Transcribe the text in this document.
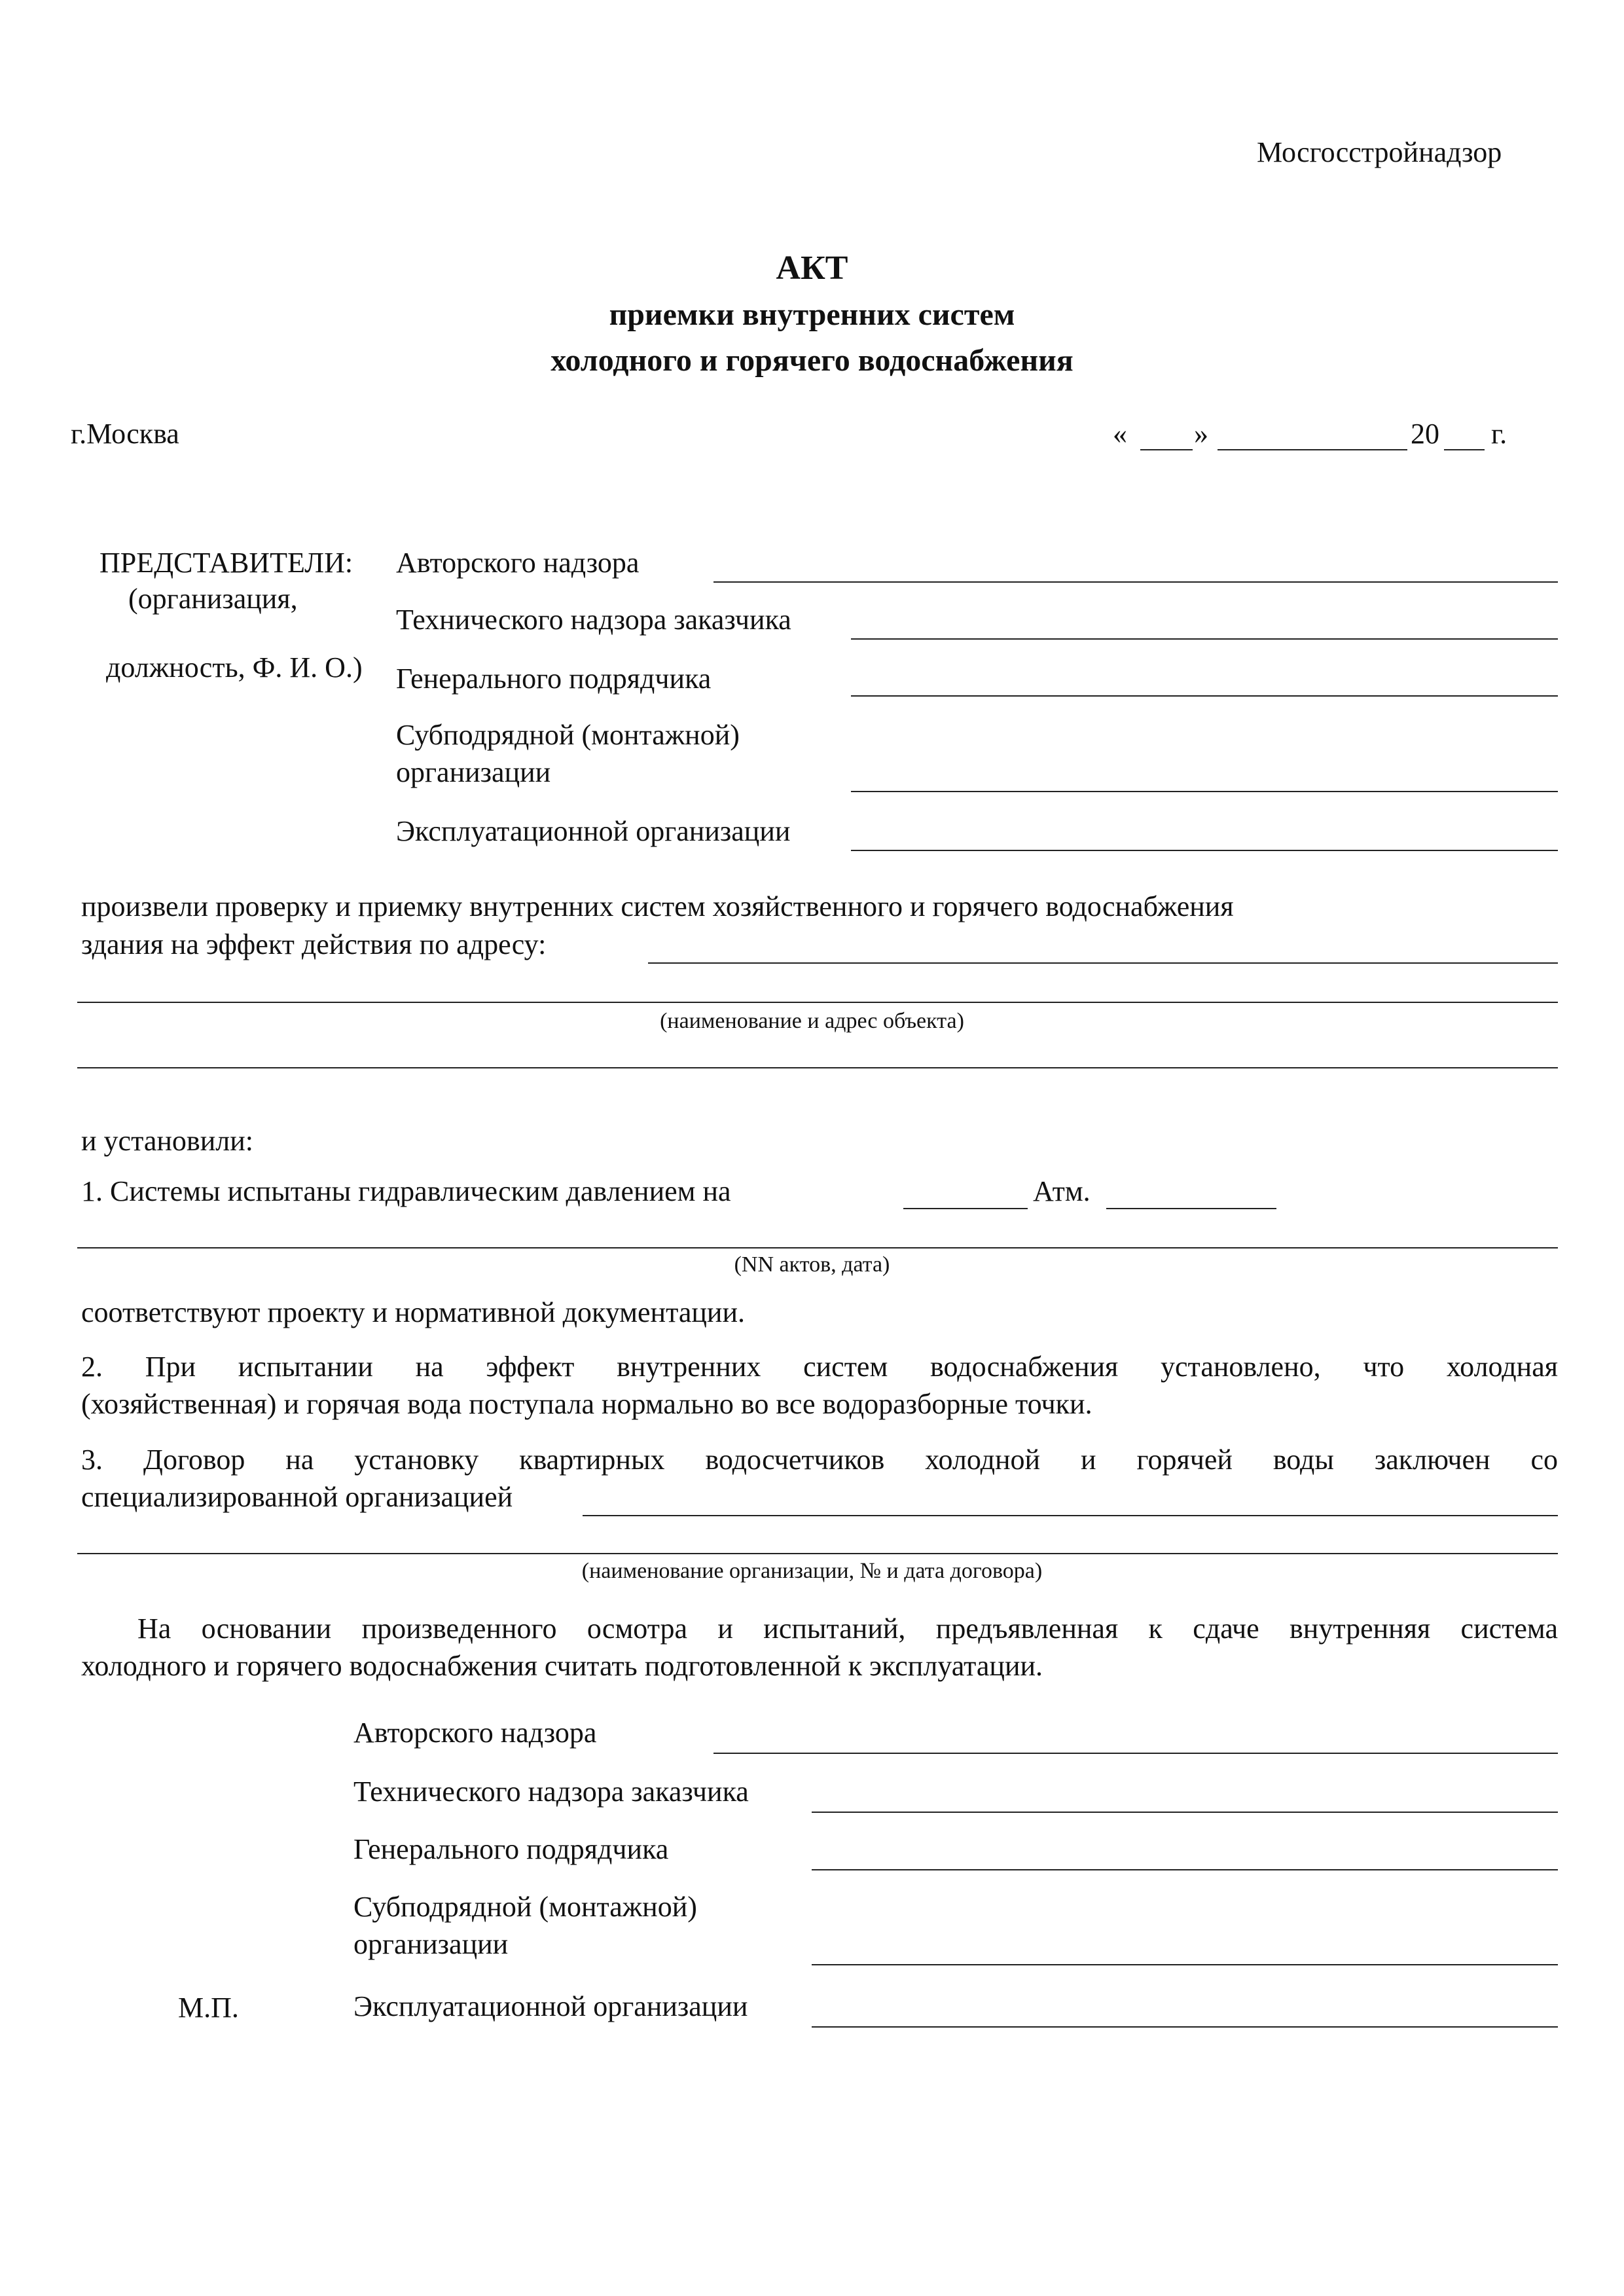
Мосгосстройнадзор
АКТ
приемки внутренних систем
холодного и горячего водоснабжения
г.Москва	« »	20 г.
ПРЕДСТАВИТЕЛИ:
(организация,
должность, Ф. И. О.)
Авторского надзора
Технического надзора заказчика
Генерального подрядчика
Субподрядной (монтажной)
организации
Эксплуатационной организации
произвели проверку и приемку внутренних систем хозяйственного и горячего водоснабжения
здания на эффект действия по адресу:
(наименование и адрес объекта)
и установили:
1. Системы испытаны гидравлическим давлением на	Атм.
(NN актов, дата)
соответствуют проекту и нормативной документации.
2. При испытании на эффект внутренних систем водоснабжения установлено, что холодная
(хозяйственная) и горячая вода поступала нормально во все водоразборные точки.
3. Договор на установку квартирных водосчетчиков холодной и горячей воды заключен со
специализированной организацией
(наименование организации, № и дата договора)
На основании произведенного осмотра и испытаний, предъявленная к сдаче внутренняя система
холодного и горячего водоснабжения считать подготовленной к эксплуатации.
Авторского надзора
Технического надзора заказчика
Генерального подрядчика
Субподрядной (монтажной)
организации
М.П.	Эксплуатационной организации
